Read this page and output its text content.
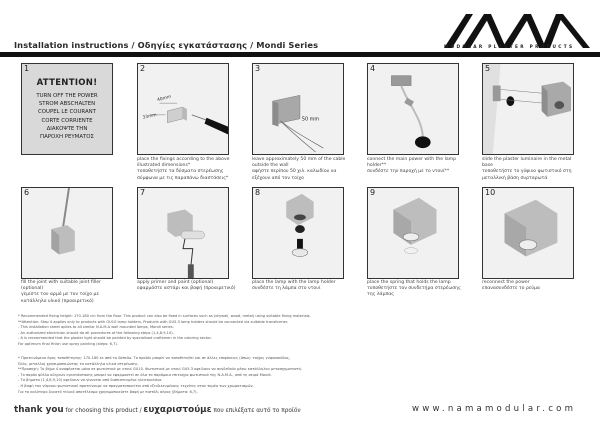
Installation instructions / Οδηγίες εγκατάστασης / Mondi Series	MODULAR PLASTER PRODUCTS
1
ATTENTION!
TURN OFF THE POWER
STROM ABSCHALTEN
COUPEL LE COURANT
CORTE CORRIENTE
ΔΙΑΚΟΨΤΕ ΤΗΝ
ΠΑΡΟΧΗ ΡΕΥΜΑΤΟΣ
2
40mm
33mm
place the fixings according to the above illustrated dimensions*
τοποθετήστε τα δύσματα στερέωσης σύμφωνα με τις παραπάνω διαστάσεις*
3
50 mm
leave approximately 50 mm of the cable outside the wall
αφήστε περίπου 50 χιλ. καλωδίου να εξέχουν από τον τοίχο
4
connect the main power with the lamp holder**
συνδέστε την παροχή με το ντουί**
5
slide the plaster luminaire in the metal base
τοποθετήστε το γύψινο φωτιστικό στη μεταλλική βάση συρταρωτά
6
fill the joint with suitable joint filler (optional)
γεμίστε τον αρμό με τον τοίχο με κατάλληλο υλικό (προαιρετικό)
7
apply primer and paint (optional)
εφαρμόστε αστάρι και βαφή (προαιρετικό)
8
place the lamp with the lamp holder
συνδέστε τη λάμπα στο ντουί
9
place the spring that holds the lamp
τοποθετήστε τον συνδετήρα στερέωσης της λάμπας
10
reconnect the power
επανασυνδέστε το ρεύμα
* Recommended fixing height: 170-180 cm from the floor. This product can also be fixed in surfaces such as (drywall, wood, metal) using suitable fixing materials.
**Attention: Step 4 applies only to products with GU10 lamp holders. Products with GU5.3 lamp holders should be connected via suitable transformer.
- This installation sheet aplies to all similar N.A.M.A wall mounted lamps, Mondi series.
- An authorized electrician should do all procedures of the following steps (1,4,8,9,10).
- It is recommended that the plaster light should be painted by specialised craftsmen in the coloring sector.
For optimum final finish use spray painting (steps: 6,7).
* Προτεινόμενο ύψος τοποθέτησης: 170-180 εκ από το δάπεδο. Το προϊόν μπορεί να τοποθετηθεί και σε άλλες επιφάνειες (όπως: τοίχος γυψοσανίδας,
ξύλο, μεταλλο) χρησιμοποιώντας τα κατάλληλα υλικά στερέωσης.
**Προσοχή: Το βήμα 4 αναφέρεται μόνο σε φωτιστικά με ντουί GU10. Φωτιστικά με ντουί GU5.3 οφείλουν να συνδεθούν μέσω κατάλληλου μετασχηματιστή.
- Το παρόν φύλλο οδηγιών εγκατάστασης μπορεί να εφαρμοστεί σε όλα τα παρόμοια επιτοίχια φωτιστικά της N.A.M.A., από τη σειρά Mondi.
- Τα βήματα (1,4,8,9,10) οφείλουν να γίνονται από διαπιστευμένο ηλεκτρολόγο.
- Η βαφή του γύψινου φωτιστικού προτείνουμε να πραγματοποιείται από εξειδικευμένους τεχνίτες στον τομέα των χρωματισμών.
Για το καλύτερο δυνατό τελικό αποτέλεσμα χρησιμοποιείστε βαφή με πιστόλι αέρος (βήματα: 6,7).
thank you for choosing this product / ευχαριστούμε που επιλέξατε αυτό το προϊόν	www.namamodular.com
